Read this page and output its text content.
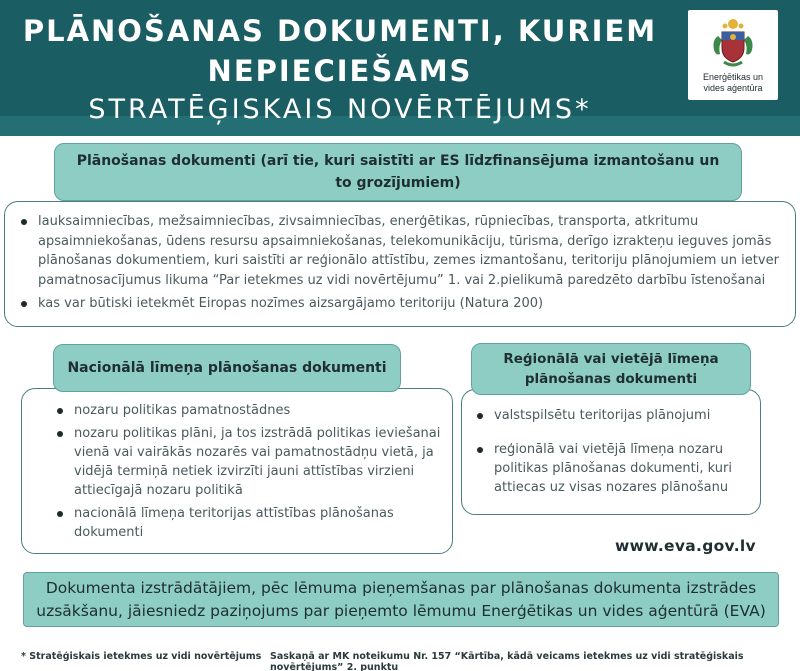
PLĀNOŠANAS DOKUMENTI, KURIEM
NEPIECIEŠAMS
STRATĒĢISKAIS NOVĒRTĒJUMS*
Enerģētikas un
vides aģentūra
Plānošanas dokumenti (arī tie, kuri saistīti ar ES līdzfinansējuma izmantošanu un to grozījumiem)
lauksaimniecības, mežsaimniecības, zivsaimniecības, enerģētikas, rūpniecības, transporta, atkritumu apsaimniekošanas, ūdens resursu apsaimniekošanas, telekomunikāciju, tūrisma, derīgo izrakteņu ieguves jomās plānošanas dokumentiem, kuri saistīti ar reģionālo attīstību, zemes izmantošanu, teritoriju plānojumiem un ietver pamatnosacījumus likuma “Par ietekmes uz vidi novērtējumu” 1. vai 2.pielikumā paredzēto darbību īstenošanai
kas var būtiski ietekmēt Eiropas nozīmes aizsargājamo teritoriju (Natura 200)
nozaru politikas pamatnostādnes
nozaru politikas plāni, ja tos izstrādā politikas ieviešanai vienā vai vairākās nozarēs vai pamatnostādņu vietā, ja vidējā termiņā netiek izvirzīti jauni attīstības virzieni attiecīgajā nozaru politikā
nacionālā līmeņa teritorijas attīstības plānošanas dokumenti
Nacionālā līmeņa plānošanas dokumenti
valstspilsētu teritorijas plānojumi
reģionālā vai vietējā līmeņa nozaru politikas plānošanas dokumenti, kuri attiecas uz visas nozares plānošanu
Reģionālā vai vietējā līmeņa plānošanas dokumenti
www.eva.gov.lv
Dokumenta izstrādātājiem, pēc lēmuma pieņemšanas par plānošanas dokumenta izstrādes uzsākšanu, jāiesniedz paziņojums par pieņemto lēmumu Enerģētikas un vides aģentūrā (EVA)
* Stratēģiskais ietekmes uz vidi novērtējums Saskaņā ar MK noteikumu Nr. 157 “Kārtība, kādā veicams ietekmes uz vidi stratēģiskais novērtējums” 2. punktu
